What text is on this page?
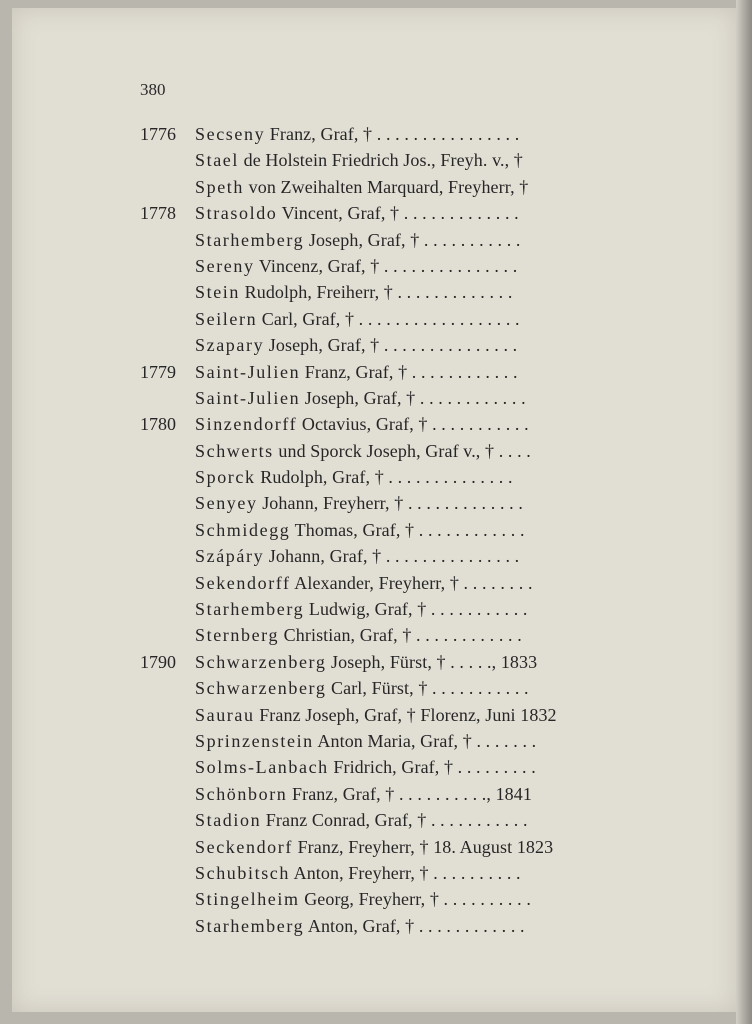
380
1776	Secseny Franz, Graf, † . . . . . . . . . . . . . . . .
Stael de Holstein Friedrich Jos., Freyh. v., †
Speth von Zweihalten Marquard, Freyherr, †
1778	Strasoldo Vincent, Graf, † . . . . . . . . . . . . .
Starhemberg Joseph, Graf, † . . . . . . . . . . .
Sereny Vincenz, Graf, † . . . . . . . . . . . . . . .
Stein Rudolph, Freiherr, † . . . . . . . . . . . . .
Seilern Carl, Graf, † . . . . . . . . . . . . . . . . . .
Szapary Joseph, Graf, † . . . . . . . . . . . . . . .
1779	Saint-Julien Franz, Graf, † . . . . . . . . . . . .
Saint-Julien Joseph, Graf, † . . . . . . . . . . . .
1780	Sinzendorff Octavius, Graf, † . . . . . . . . . . .
Schwerts und Sporck Joseph, Graf v., † . . . .
Sporck Rudolph, Graf, † . . . . . . . . . . . . . .
Senyey Johann, Freyherr, † . . . . . . . . . . . . .
Schmidegg Thomas, Graf, † . . . . . . . . . . . .
Szápáry Johann, Graf, † . . . . . . . . . . . . . . .
Sekendorff Alexander, Freyherr, † . . . . . . . .
Starhemberg Ludwig, Graf, † . . . . . . . . . . .
Sternberg Christian, Graf, † . . . . . . . . . . . .
1790	Schwarzenberg Joseph, Fürst, † . . . . ., 1833
Schwarzenberg Carl, Fürst, † . . . . . . . . . . .
Saurau Franz Joseph, Graf, † Florenz, Juni 1832
Sprinzenstein Anton Maria, Graf, † . . . . . . .
Solms-Lanbach Fridrich, Graf, † . . . . . . . . .
Schönborn Franz, Graf, † . . . . . . . . . ., 1841
Stadion Franz Conrad, Graf, † . . . . . . . . . . .
Seckendorf Franz, Freyherr, † 18. August 1823
Schubitsch Anton, Freyherr, † . . . . . . . . . .
Stingelheim Georg, Freyherr, † . . . . . . . . . .
Starhemberg Anton, Graf, † . . . . . . . . . . . .
